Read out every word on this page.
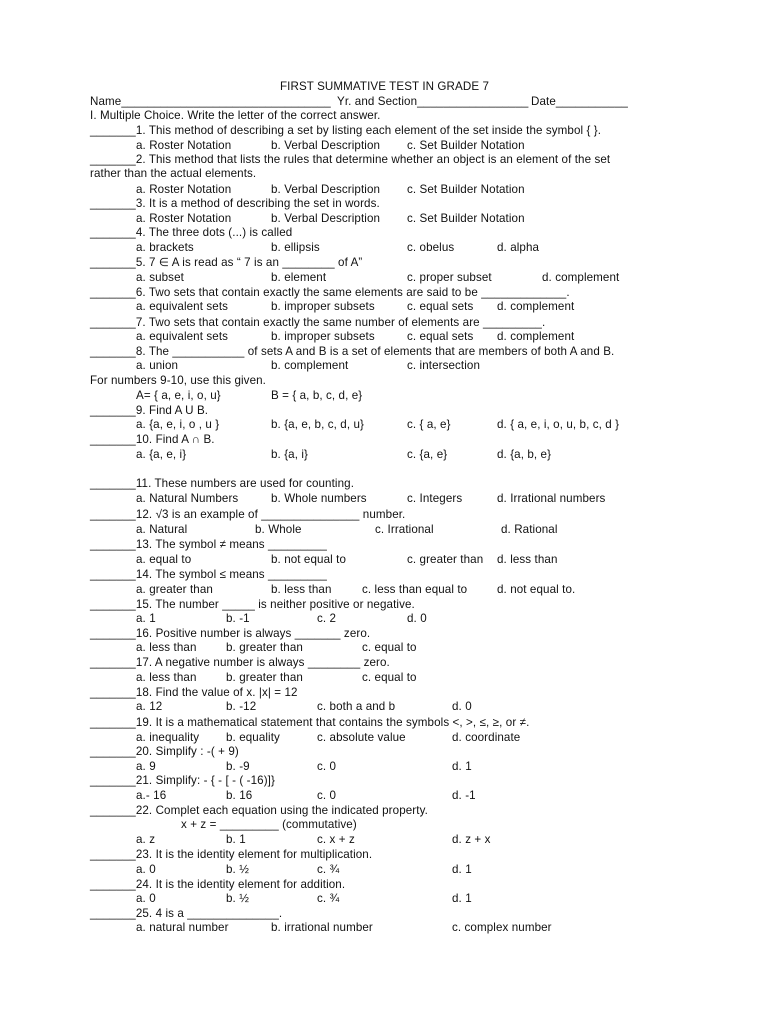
FIRST SUMMATIVE TEST IN GRADE 7
Name________________________________ Yr. and Section_________________ Date___________
I. Multiple Choice. Write the letter of the correct answer.
_______1. This method of describing a set by listing each element of the set inside the symbol { }.
a. Roster Notation	b. Verbal Description c. Set Builder Notation
_______2. This method that lists the rules that determine whether an object is an element of the set
rather than the actual elements.
a. Roster Notation	b. Verbal Description c. Set Builder Notation
_______3. It is a method of describing the set in words.
a. Roster Notation	b. Verbal Description c. Set Builder Notation
_______4. The three dots (...) is called
a. brackets	b. ellipsis	c. obelus	d. alpha
_______5. 7 ∈ A is read as “ 7 is an ________ of A”
a. subset	b. element	c. proper subset	d. complement
_______6. Two sets that contain exactly the same elements are said to be _____________.
a. equivalent sets	b. improper subsets	c. equal sets d. complement
_______7. Two sets that contain exactly the same number of elements are _________.
a. equivalent sets	b. improper subsets	c. equal sets d. complement
_______8. The ___________ of sets A and B is a set of elements that are members of both A and B.
a. union	b. complement	c. intersection
For numbers 9-10, use this given.
A= { a, e, i, o, u}	B = { a, b, c, d, e}
_______9. Find A U B.
a. {a, e, i, o , u }	b. {a, e, b, c, d, u}	c. { a, e}	d. { a, e, i, o, u, b, c, d }
_______10. Find A ∩ B.
a. {a, e, i}	b. {a, i}	c. {a, e}	d. {a, b, e}
_______11. These numbers are used for counting.
a. Natural Numbers	b. Whole numbers	c. Integers	d. Irrational numbers
_______12. √3 is an example of _______________ number.
a. Natural	b. Whole	c. Irrational	d. Rational
_______13. The symbol ≠ means _________
a. equal to	b. not equal to	c. greater than d. less than
_______14. The symbol ≤ means _________
a. greater than	b. less than	c. less than equal to	d. not equal to.
_______15. The number _____ is neither positive or negative.
a. 1	b. -1	c. 2	d. 0
_______16. Positive number is always _______ zero.
a. less than	b. greater than	c. equal to
_______17. A negative number is always ________ zero.
a. less than	b. greater than	c. equal to
_______18. Find the value of x. |x| = 12
a. 12	b. -12	c. both a and b	d. 0
_______19. It is a mathematical statement that contains the symbols <, >, ≤, ≥, or ≠.
a. inequality b. equality	c. absolute value	d. coordinate
_______20. Simplify : -( + 9)
a. 9	b. -9	c. 0	d. 1
_______21. Simplify: - { - [ - ( -16)]}
a.- 16	b. 16	c. 0	d. -1
_______22. Complet each equation using the indicated property.
x + z = _________ (commutative)
a. z	b. 1	c. x + z	d. z + x
_______23. It is the identity element for multiplication.
a. 0	b. ½	c. ¾	d. 1
_______24. It is the identity element for addition.
a. 0	b. ½	c. ¾	d. 1
_______25. 4 is a ______________.
a. natural number	b. irrational number	c. complex number
